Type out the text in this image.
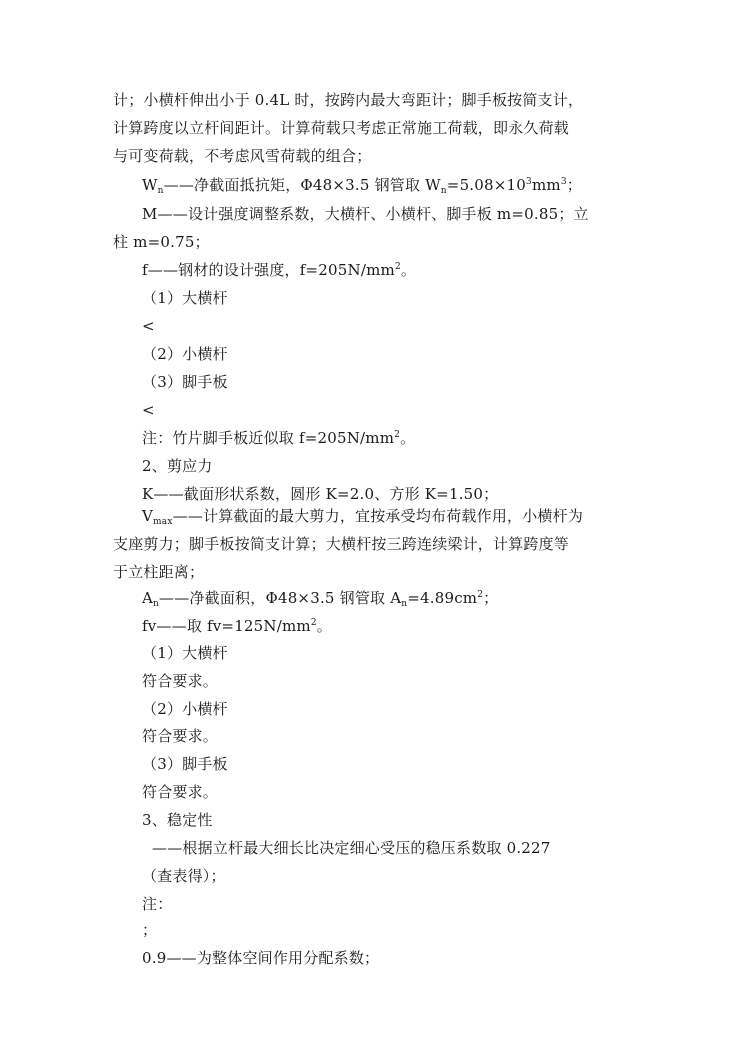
计；小横杆伸出小于 0.4L 时，按跨内最大弯距计；脚手板按简支计，
计算跨度以立杆间距计。计算荷载只考虑正常施工荷载，即永久荷载
与可变荷载，不考虑风雪荷载的组合；
$W_n——$净截面抵抗矩，Φ48×3.5 钢管取 $W_n=5.08\times 10^3mm^3$；
M——设计强度调整系数，大横杆、小横杆、脚手板 m=0.85；立
柱 m=0.75；
f——钢材的设计强度，$f=205N/mm^2$。
（1）大横杆
<
（2）小横杆
（3）脚手板
<
注：竹片脚手板近似取 $f=205N/mm^2$。
2、剪应力
K——截面形状系数，圆形 K=2.0、方形 K=1.50；
$V_{max}——$计算截面的最大剪力，宜按承受均布荷载作用，小横杆为
支座剪力；脚手板按简支计算；大横杆按三跨连续梁计，计算跨度等
于立柱距离；
$A_n——$净截面积，Φ48×3.5 钢管取 $A_n=4.89cm^2$；
fv——取 $fv=125N/mm^2$。
（1）大横杆
符合要求。
（2）小横杆
符合要求。
（3）脚手板
符合要求。
3、稳定性
——根据立杆最大细长比决定细心受压的稳压系数取 0.227
（查表得）；
注：
；
0.9——为整体空间作用分配系数；
